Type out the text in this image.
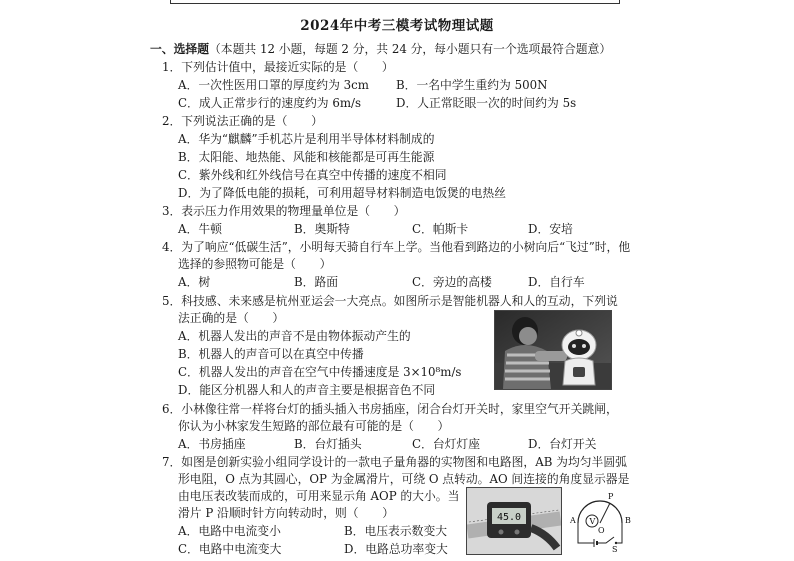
2024年中考三模考试物理试题
一、选择题（本题共 12 小题，每题 2 分，共 24 分，每小题只有一个选项最符合题意）
1．下列估计值中，最接近实际的是（　　）
A．一次性医用口罩的厚度约为 3cm B．一名中学生重约为 500N
C．成人正常步行的速度约为 6m/s	D．人正常眨眼一次的时间约为 5s
2．下列说法正确的是（　　）
A．华为“麒麟”手机芯片是利用半导体材料制成的
B．太阳能、地热能、风能和核能都是可再生能源
C．紫外线和红外线信号在真空中传播的速度不相同
D．为了降低电能的损耗，可利用超导材料制造电饭煲的电热丝
3．表示压力作用效果的物理量单位是（　　）
A．牛顿	B．奥斯特	C．帕斯卡	D．安培
4．为了响应“低碳生活”，小明每天骑自行车上学。当他看到路边的小树向后“飞过”时，他
选择的参照物可能是（　　）
A．树	B．路面	C．旁边的高楼	D．自行车
5．科技感、未来感是杭州亚运会一大亮点。如图所示是智能机器人和人的互动，下列说
法正确的是（　　）
A．机器人发出的声音不是由物体振动产生的
B．机器人的声音可以在真空中传播
C．机器人发出的声音在空气中传播速度是 3×10⁸m/s
D．能区分机器人和人的声音主要是根据音色不同
6．小林像往常一样将台灯的插头插入书房插座，闭合台灯开关时，家里空气开关跳闸，
你认为小林家发生短路的部位最有可能的是（　　）
A．书房插座	B．台灯插头	C．台灯灯座	D．台灯开关
7．如图是创新实验小组同学设计的一款电子量角器的实物图和电路图，AB 为均匀半圆弧
形电阻，O 点为其圆心，OP 为金属滑片，可绕 O 点转动。AO 间连接的角度显示器是
由电压表改装而成的，可用来显示角 AOP 的大小。当
滑片 P 沿顺时针方向转动时，则（　　）
A．电路中电流变小	B．电压表示数变大
C．电路中电流变大	D．电路总功率变大
45.0
P
A V
O
B
S
